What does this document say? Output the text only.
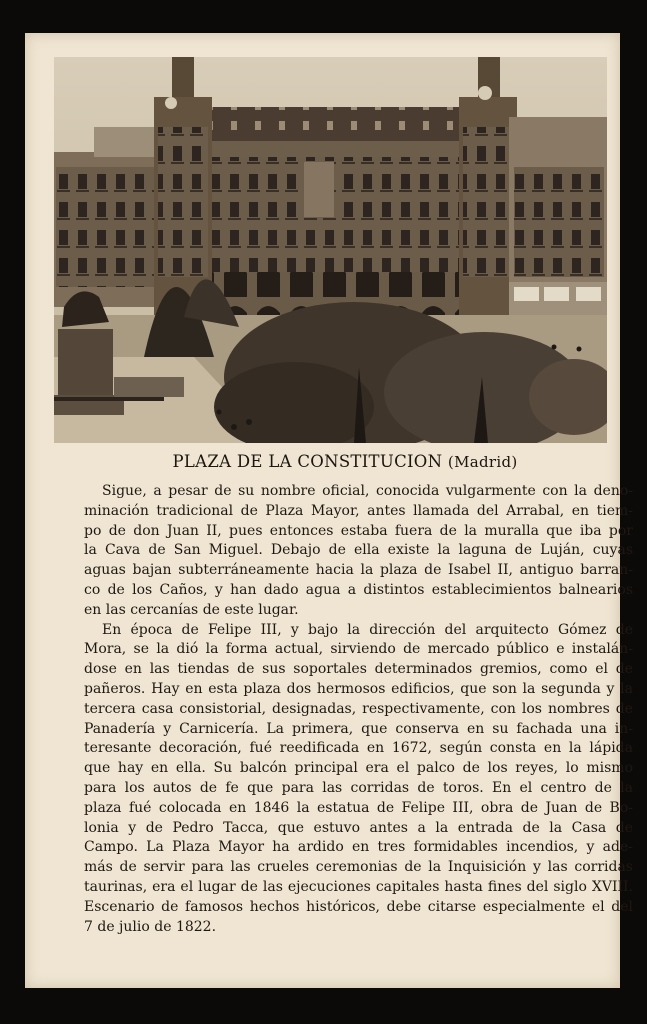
PLAZA DE LA CONSTITUCION (Madrid)
Sigue, a pesar de su nombre oficial, conocida vulgarmente con la deno-
minación tradicional de Plaza Mayor, antes llamada del Arrabal, en tiem-
po de don Juan II, pues entonces estaba fuera de la muralla que iba por
la Cava de San Miguel. Debajo de ella existe la laguna de Luján, cuyas
aguas bajan subterráneamente hacia la plaza de Isabel II, antiguo barran-
co de los Caños, y han dado agua a distintos establecimientos balnearios
en las cercanías de este lugar.
En época de Felipe III, y bajo la dirección del arquitecto Gómez de
Mora, se la dió la forma actual, sirviendo de mercado público e instalán-
dose en las tiendas de sus soportales determinados gremios, como el de
pañeros. Hay en esta plaza dos hermosos edificios, que son la segunda y la
tercera casa consistorial, designadas, respectivamente, con los nombres de
Panadería y Carnicería. La primera, que conserva en su fachada una in-
teresante decoración, fué reedificada en 1672, según consta en la lápida
que hay en ella. Su balcón principal era el palco de los reyes, lo mismo
para los autos de fe que para las corridas de toros. En el centro de la
plaza fué colocada en 1846 la estatua de Felipe III, obra de Juan de Bo-
lonia y de Pedro Tacca, que estuvo antes a la entrada de la Casa de
Campo. La Plaza Mayor ha ardido en tres formidables incendios, y ade-
más de servir para las crueles ceremonias de la Inquisición y las corridas
taurinas, era el lugar de las ejecuciones capitales hasta fines del siglo XVIII.
Escenario de famosos hechos históricos, debe citarse especialmente el del
7 de julio de 1822.
